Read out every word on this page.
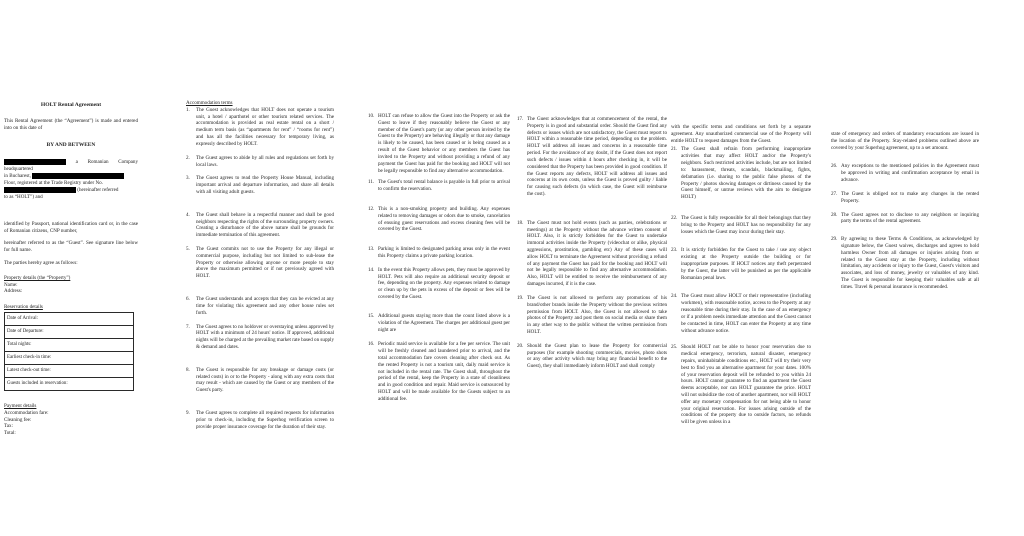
HOLT Rental Agreement

This Rental Agreement (the “Agreement”) is made and entered into on this date of

BY AND BETWEEN

a Romanian Company headquartered
in Bucharest,
Floor, registered at the Trade Registry under No.
(hereinafter referred
to as “HOLT”) and

identified by Passport, national identification card or, in the case of Romanian citizens, CNP number,

hereinafter referred to as the “Guest”. See signature line below for full name.

The parties hereby agree as follows:

Property details (the “Property”)
Name:
Address:
Reservation details
Date of Arrival:
Date of Departure:
Total nights:
Earliest check-in time:
Latest check-out time:
Guests included in reservation:
Payment details
Accommodation fare:
Cleaning fee:
Tax:
Total:
Accommodation terms
1.	The Guest acknowledges that HOLT does not operate a tourism unit, a hotel / aparthotel or other tourism related services. The accommodation is provided as real estate rental on a short / medium term basis (as “apartments for rent” / “rooms for rent”) and has all the facilities necessary for temporary living, as expressly described by HOLT.
2.	The Guest agrees to abide by all rules and regulations set forth by local laws.
3.	The Guest agrees to read the Property House Manual, including important arrival and departure information, and share all details with all visiting adult guests.
4.	The Guest shall behave in a respectful manner and shall be good neighbors respecting the rights of the surrounding property owners. Creating a disturbance of the above nature shall be grounds for immediate termination of this agreement.
5.	The Guest commits not to use the Property for any illegal or commercial purpose, including but not limited to sub-lease the Property or otherwise allowing anyone or more people to stay above the maximum permitted or if not previously agreed with HOLT.
6.	The Guest understands and accepts that they can be evicted at any time for violating this agreement and any other house rules set forth.
7.	The Guest agrees to no holdover or overstaying unless approved by HOLT with a minimum of 24 hours' notice. If approved, additional nights will be charged at the prevailing market rate based on supply & demand and dates.
8.	The Guest is responsible for any breakage or damage costs (or related costs) in or to the Property - along with any extra costs that may result - which are caused by the Guest or any members of the Guest's party.
9.	The Guest agrees to complete all required requests for information prior to check-in, including the Superhog verification screen to provide proper insurance coverage for the duration of their stay.
10. HOLT can refuse to allow the Guest into the Property or ask the Guest to leave if they reasonably believe the Guest or any member of the Guest's party (or any other person invited by the Guest to the Property) are behaving illegally or that any damage is likely to be caused, has been caused or is being caused as a result of the Guest behavior or any members the Guest has invited to the Property and without providing a refund of any payment the Guest has paid for the booking and HOLT will not be legally responsible to find any alternative accommodation.
11. The Guest's total rental balance is payable in full prior to arrival to confirm the reservation.
12. This is a non-smoking property and building. Any expenses related to removing damages or odors due to smoke, cancelation of ensuing guest reservations and excess cleaning fees will be covered by the Guest.
13. Parking is limited to designated parking areas only in the event this Property claims a private parking location.
14. In the event this Property allows pets, they must be approved by HOLT. Pets will also require an additional security deposit or fee, depending on the property. Any expenses related to damage or clean up by the pets in excess of the deposit or fees will be covered by the Guest.
15. Additional guests staying more than the count listed above is a violation of the Agreement. The charges per additional guest per night are
16. Periodic maid service is available for a fee per service. The unit will be freshly cleaned and laundered prior to arrival, and the total accommodation fare covers cleaning after check out. As the rented Property is not a tourism unit, daily maid service is not included in the rental rate. The Guest shall, throughout the period of the rental, keep the Property in a state of cleanliness and in good condition and repair. Maid service is outsourced by HOLT and will be made available for the Guests subject to an additional fee.
17. The Guest acknowledges that at commencement of the rental, the Property is in good and substantial order. Should the Guest find any defects or issues which are not satisfactory, the Guest must report to HOLT within a reasonable time period, depending on the problem. HOLT will address all issues and concerns in a reasonable time period. For the avoidance of any doubt, if the Guest does not report such defects / issues within 4 hours after checking in, it will be considered that the Property has been provided in good condition. If the Guest reports any defects, HOLT will address all issues and concerns at its own costs, unless the Guest is proved guilty / liable for causing such defects (in which case, the Guest will reimburse the cost).
18. The Guest must not hold events (such as parties, celebrations or meetings) at the Property without the advance written consent of HOLT. Also, it is strictly forbidden for the Guest to undertake immoral activities inside the Property (videochat or alike, physical aggressions, prostitution, gambling etc) Any of these cases will allow HOLT to terminate the Agreement without providing a refund of any payment the Guest has paid for the booking and HOLT will not be legally responsible to find any alternative accommodation. Also, HOLT will be entitled to receive the reimbursement of any damages incurred, if it is the case.
19. The Guest is not allowed to perform any promotions of his brand/other brands inside the Property without the previous written permission from HOLT. Also, the Guest is not allowed to take photos of the Property and post them on social media or share them in any other way to the public without the written permission from HOLT.
20. Should the Guest plan to lease the Property for commercial purposes (for example shooting commercials, movies, photo shots or any other activity which may bring any financial benefit to the Guest), they shall immediately inform HOLT and shall comply

with the specific terms and conditions set forth by a separate agreement. Any unauthorized commercial use of the Property will entitle HOLT to request damages from the Guest.

21. The Guest shall refrain from performing inappropriate activities that may affect HOLT and/or the Property's neighbors. Such restricted activities include, but are not limited to: harassment, threats, scandals, blackmailing, fights, defamation (i.e. sharing to the public false photos of the Property / photos showing damages or dirtiness caused by the Guest himself, or untrue reviews with the aim to denigrate HOLT)
22. The Guest is fully responsible for all their belongings that they bring to the Property and HOLT has no responsibility for any losses which the Guest may incur during their stay.
23. It is strictly forbidden for the Guest to take / use any object existing at the Property outside the building or for inappropriate purposes. If HOLT notices any theft perpetrated by the Guest, the latter will be punished as per the applicable Romanian penal laws.
24. The Guest must allow HOLT or their representative (including workmen), with reasonable notice, access to the Property at any reasonable time during their stay. In the case of an emergency or if a problem needs immediate attention and the Guest cannot be contacted in time, HOLT can enter the Property at any time without advance notice.
25. Should HOLT not be able to honor your reservation due to medical emergency, terrorism, natural disaster, emergency repairs, uninhabitable conditions etc., HOLT will try their very best to find you an alternative apartment for your dates. 100% of your reservation deposit will be refunded to you within 24 hours. HOLT cannot guarantee to find an apartment the Guest deems acceptable, nor can HOLT guarantee the price. HOLT will not subsidize the cost of another apartment, nor will HOLT offer any monetary compensation for not being able to honor your original reservation. For issues arising outside of the conditions of the property due to outside factors, no refunds will be given unless in a

state of emergency and orders of mandatory evacuations are issued in the location of the Property. Stay-related problems outlined above are covered by your Superhog agreement, up to a set amount.

26. Any exceptions to the mentioned policies in the Agreement must be approved in writing and confirmation acceptance by email in advance.
27. The Guest is obliged not to make any changes in the rented Property.
28. The Guest agrees not to disclose to any neighbors or inquiring party the terms of the rental agreement.
29. By agreeing to these Terms & Conditions, as acknowledged by signature below, the Guest waives, discharges and agrees to hold harmless Owner from all damages or injuries arising from or related to the Guest stay at the Property, including without limitation, any accidents or injury to the Guest, Guest's visitors and associates, and loss of money, jewelry or valuables of any kind. The Guest is responsible for keeping their valuables safe at all times. Travel & personal insurance is recommended.
